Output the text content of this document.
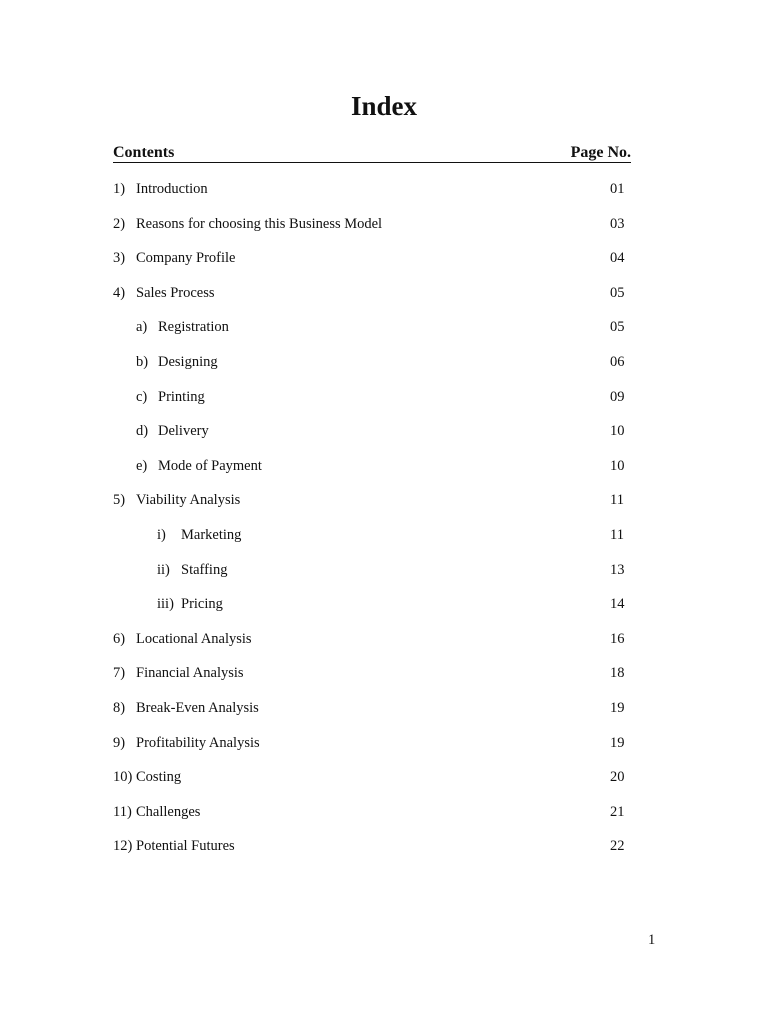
Index
Contents	Page No.
1) Introduction	01
2) Reasons for choosing this Business Model	03
3) Company Profile	04
4) Sales Process	05
a) Registration	05
b) Designing	06
c) Printing	09
d) Delivery	10
e) Mode of Payment	10
5) Viability Analysis	11
i) Marketing	11
ii) Staffing	13
iii) Pricing	14
6) Locational Analysis	16
7) Financial Analysis	18
8) Break-Even Analysis	19
9) Profitability Analysis	19
10) Costing	20
11) Challenges	21
12) Potential Futures	22
1
